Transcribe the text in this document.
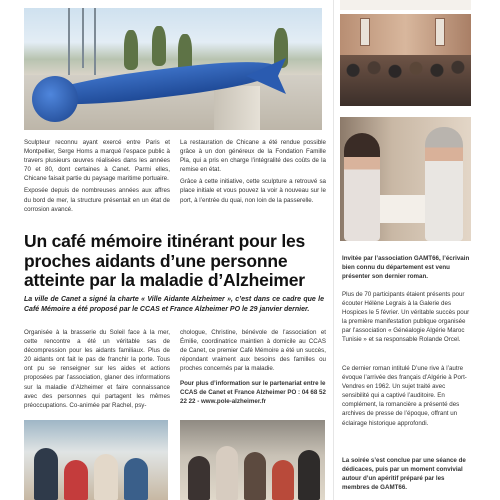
Sculpteur reconnu ayant exercé entre Paris et Montpellier, Serge Homs a marqué l’espace public à travers plusieurs œuvres réalisées dans les années 70 et 80, dont certaines à Canet. Parmi elles, Chicane faisait partie du paysage maritime portuaire.

Exposée depuis de nombreuses années aux affres du bord de mer, la structure présentait en un état de corrosion avancé.

La restauration de Chicane a été rendue possible grâce à un don généreux de la Fondation Famille Pla, qui a pris en charge l’intégralité des coûts de la remise en état.

Grâce à cette initiative, cette sculpture a retrouvé sa place initiale et vous pouvez la voir à nouveau sur le port, à l’entrée du quai, non loin de la passerelle.

Un café mémoire itinérant pour les proches aidants d’une personne atteinte par la maladie d’Alzheimer

La ville de Canet a signé la charte « Ville Aidante Alzheimer », c’est dans ce cadre que le Café Mémoire a été proposé par le CCAS et France Alzheimer PO le 29 janvier dernier.

Organisée à la brasserie du Soleil face à la mer, cette rencontre a été un véritable sas de décompression pour les aidants familiaux. Plus de 20 aidants ont fait le pas de franchir la porte. Tous ont pu se renseigner sur les aides et actions proposées par l’association, glaner des informations sur la maladie d’Alzheimer et faire connaissance avec des personnes qui partagent les mêmes préoccupations. Co-animée par Rachel, psy-

chologue, Christine, bénévole de l’association et Émilie, coordinatrice maintien à domicile au CCAS de Canet, ce premier Café Mémoire a été un succès, répondant vraiment aux besoins des familles ou proches concernés par la maladie.

Pour plus d’information sur le partenariat entre le CCAS de Canet et France Alzheimer PO : 04 68 52 22 22 - www.pole-alzheimer.fr

Invitée par l’association GAMT66, l’écrivain bien connu du département est venu présenter son dernier roman.

Plus de 70 participants étaient présents pour écouter Hélène Legrais à la Galerie des Hospices le 5 février. Un véritable succès pour la première manifestation publique organisée par l’association « Généalogie Algérie Maroc Tunisie » et sa responsable Rolande Orcel.

Ce dernier roman intitulé D’une rive à l’autre évoque l’arrivée des français d’Algérie à Port-Vendres en 1962. Un sujet traité avec sensibilité qui a captivé l’auditoire. En complément, la romancière a présenté des archives de presse de l’époque, offrant un éclairage historique approfondi.

La soirée s’est conclue par une séance de dédicaces, puis par un moment convivial autour d’un apéritif préparé par les membres de GAMT66.
